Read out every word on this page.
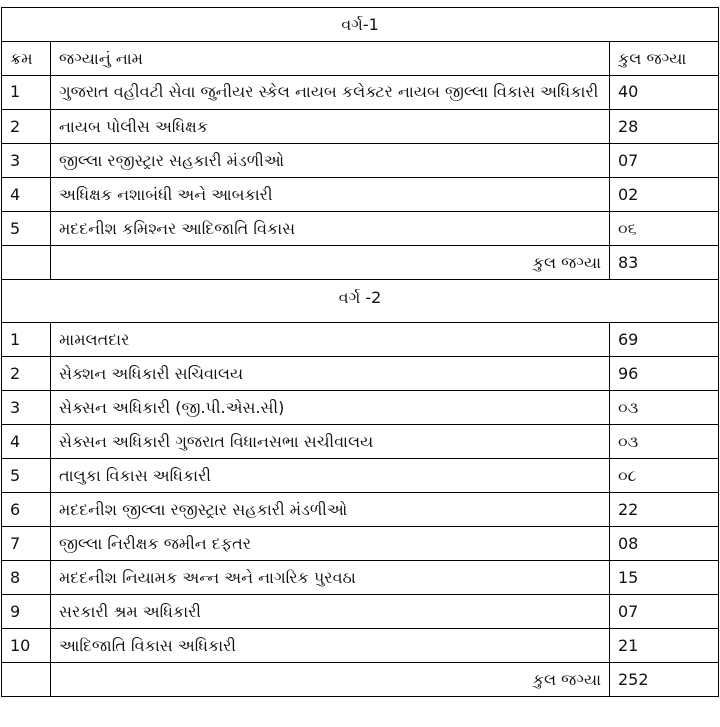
વર્ગ-1		
ક્રમ	જગ્યાનું નામ	કુલ જગ્યા
1	ગુજરાત વહીવટી સેવા જુનીયર સ્કેલ નાયબ કલેક્ટર નાયબ જીલ્લા વિકાસ અધિકારી	40
2	નાયબ પોલીસ અધિક્ષક	28
3	જીલ્લા રજીસ્ટ્રાર સહકારી મંડળીઓ	07
4	અધિક્ષક નશાબંધી અને આબકારી	02
5	મદદનીશ કમિશ્નર આદિજાતિ વિકાસ	૦૬
	કુલ જગ્યા	83
વર્ગ -2		
1	મામલતદાર	69
2	સેક્શન અધિકારી સચિવાલય	96
3	સેક્સન અધિકારી (જી.પી.એસ.સી)	૦૩
4	સેક્સન અધિકારી ગુજરાત વિધાનસભા સચીવાલય	૦૩
5	તાલુકા વિકાસ અધિકારી	૦૮
6	મદદનીશ જીલ્લા રજીસ્ટ્રાર સહકારી મંડળીઓ	22
7	જીલ્લા નિરીક્ષક જમીન દફતર	08
8	મદદનીશ નિયામક અન્ન અને નાગરિક પુરવઠા	15
9	સરકારી શ્રમ અધિકારી	07
10	આદિજાતિ વિકાસ અધિકારી	21
	કુલ જગ્યા	252
